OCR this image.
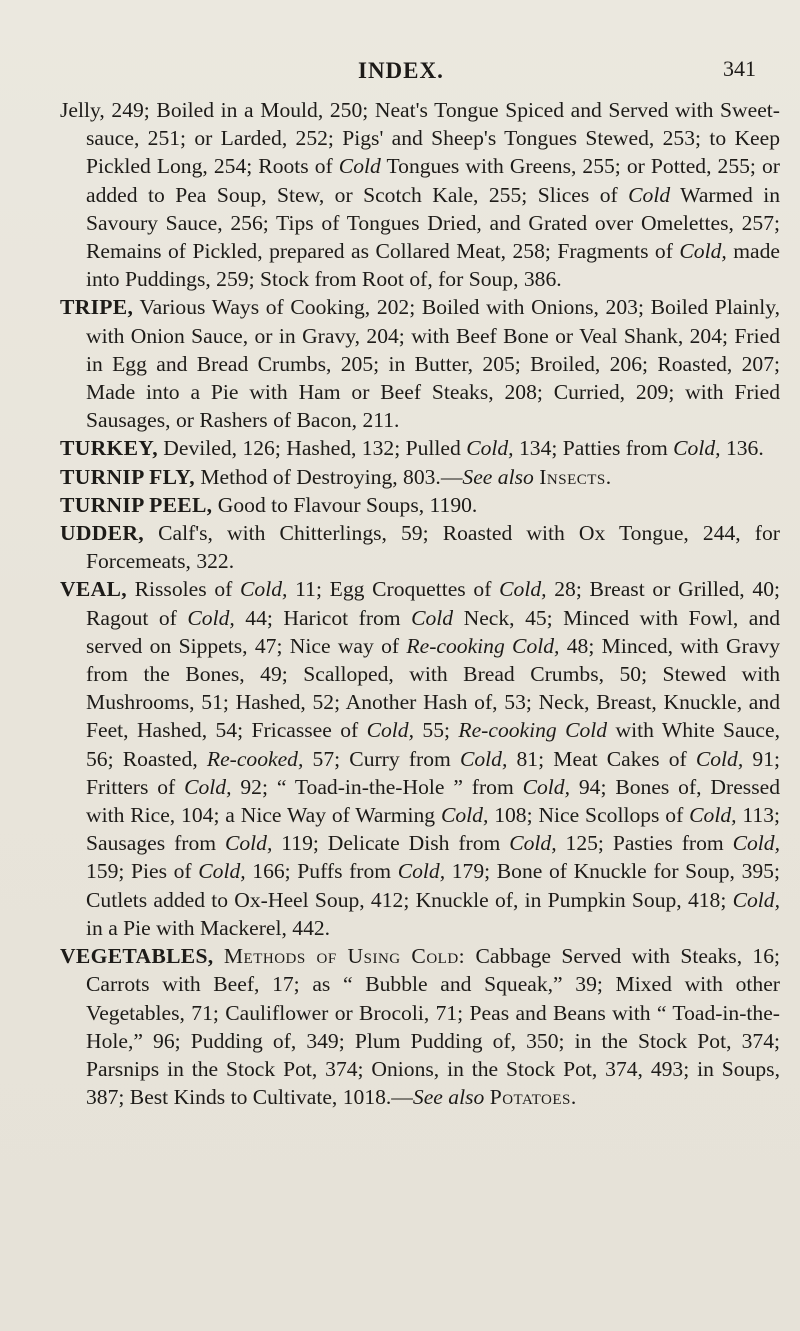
INDEX.	341

Jelly, 249; Boiled in a Mould, 250; Neat's Tongue Spiced and Served with Sweet-sauce, 251; or Larded, 252; Pigs' and Sheep's Tongues Stewed, 253; to Keep Pickled Long, 254; Roots of Cold Tongues with Greens, 255; or Potted, 255; or added to Pea Soup, Stew, or Scotch Kale, 255; Slices of Cold Warmed in Savoury Sauce, 256; Tips of Tongues Dried, and Grated over Omelettes, 257; Remains of Pickled, prepared as Collared Meat, 258; Fragments of Cold, made into Puddings, 259; Stock from Root of, for Soup, 386.

TRIPE, Various Ways of Cooking, 202; Boiled with Onions, 203; Boiled Plainly, with Onion Sauce, or in Gravy, 204; with Beef Bone or Veal Shank, 204; Fried in Egg and Bread Crumbs, 205; in Butter, 205; Broiled, 206; Roasted, 207; Made into a Pie with Ham or Beef Steaks, 208; Curried, 209; with Fried Sausages, or Rashers of Bacon, 211.

TURKEY, Deviled, 126; Hashed, 132; Pulled Cold, 134; Patties from Cold, 136.

TURNIP FLY, Method of Destroying, 803.—See also Insects.

TURNIP PEEL, Good to Flavour Soups, 1190.

UDDER, Calf's, with Chitterlings, 59; Roasted with Ox Tongue, 244, for Forcemeats, 322.

VEAL, Rissoles of Cold, 11; Egg Croquettes of Cold, 28; Breast or Grilled, 40; Ragout of Cold, 44; Haricot from Cold Neck, 45; Minced with Fowl, and served on Sippets, 47; Nice way of Re-cooking Cold, 48; Minced, with Gravy from the Bones, 49; Scalloped, with Bread Crumbs, 50; Stewed with Mushrooms, 51; Hashed, 52; Another Hash of, 53; Neck, Breast, Knuckle, and Feet, Hashed, 54; Fricassee of Cold, 55; Re-cooking Cold with White Sauce, 56; Roasted, Re-cooked, 57; Curry from Cold, 81; Meat Cakes of Cold, 91; Fritters of Cold, 92; “ Toad-in-the-Hole ” from Cold, 94; Bones of, Dressed with Rice, 104; a Nice Way of Warming Cold, 108; Nice Scollops of Cold, 113; Sausages from Cold, 119; Delicate Dish from Cold, 125; Pasties from Cold, 159; Pies of Cold, 166; Puffs from Cold, 179; Bone of Knuckle for Soup, 395; Cutlets added to Ox-Heel Soup, 412; Knuckle of, in Pumpkin Soup, 418; Cold, in a Pie with Mackerel, 442.

VEGETABLES, Methods of Using Cold: Cabbage Served with Steaks, 16; Carrots with Beef, 17; as “ Bubble and Squeak,” 39; Mixed with other Vegetables, 71; Cauliflower or Brocoli, 71; Peas and Beans with “ Toad-in-the-Hole,” 96; Pudding of, 349; Plum Pudding of, 350; in the Stock Pot, 374; Parsnips in the Stock Pot, 374; Onions, in the Stock Pot, 374, 493; in Soups, 387; Best Kinds to Cultivate, 1018.—See also Potatoes.
